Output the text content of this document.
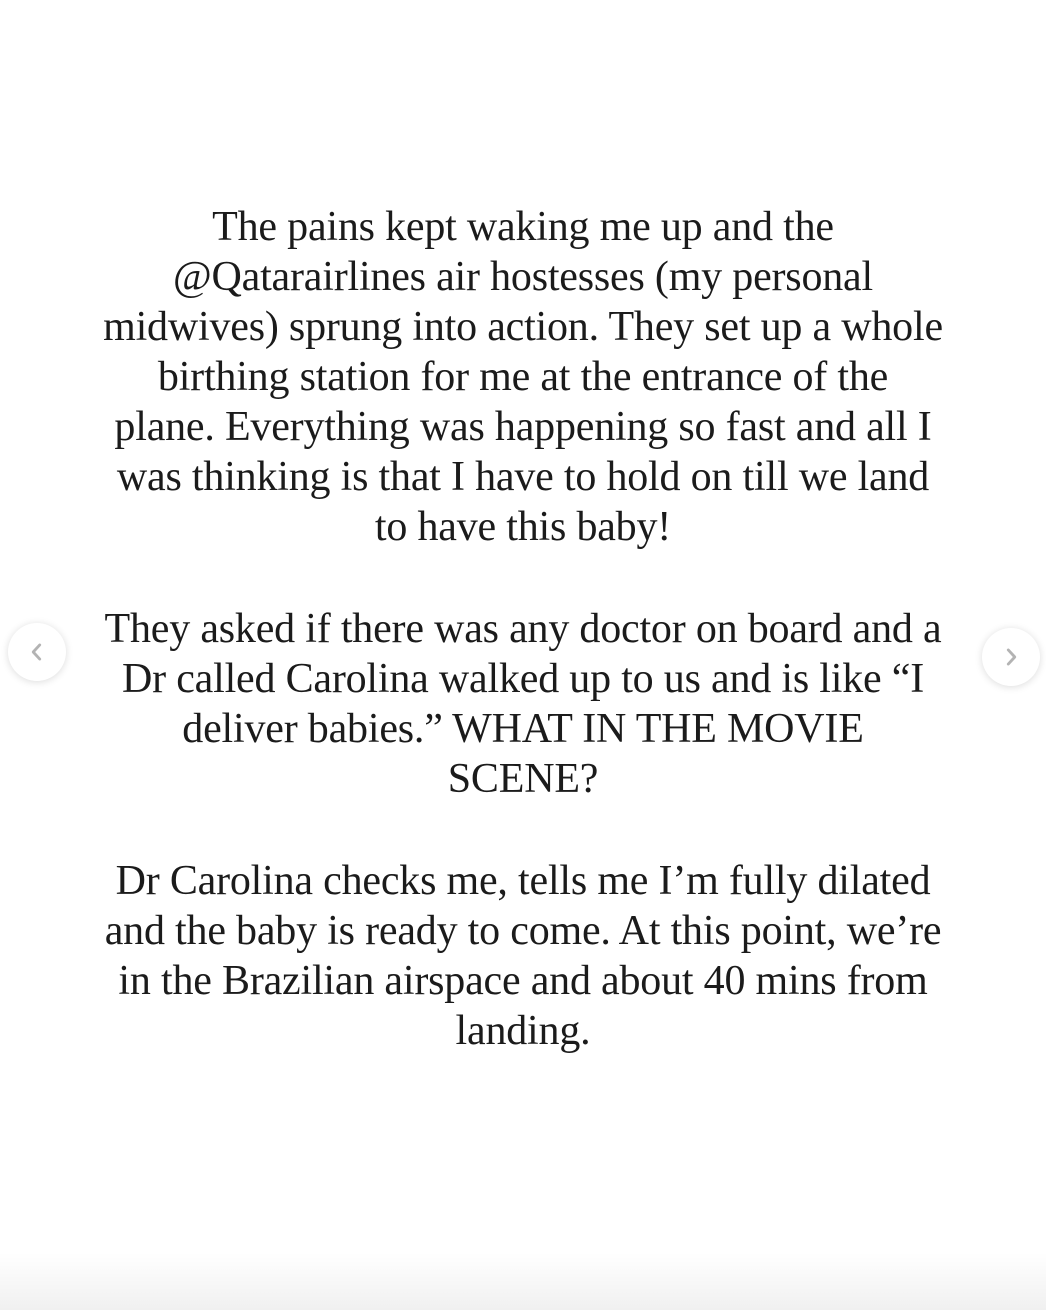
The pains kept waking me up and the
@Qatarairlines air hostesses (my personal
midwives) sprung into action. They set up a whole
birthing station for me at the entrance of the
plane. Everything was happening so fast and all I
was thinking is that I have to hold on till we land
to have this baby!
They asked if there was any doctor on board and a
Dr called Carolina walked up to us and is like “I
deliver babies.” WHAT IN THE MOVIE
SCENE?
Dr Carolina checks me, tells me I’m fully dilated
and the baby is ready to come. At this point, we’re
in the Brazilian airspace and about 40 mins from
landing.
